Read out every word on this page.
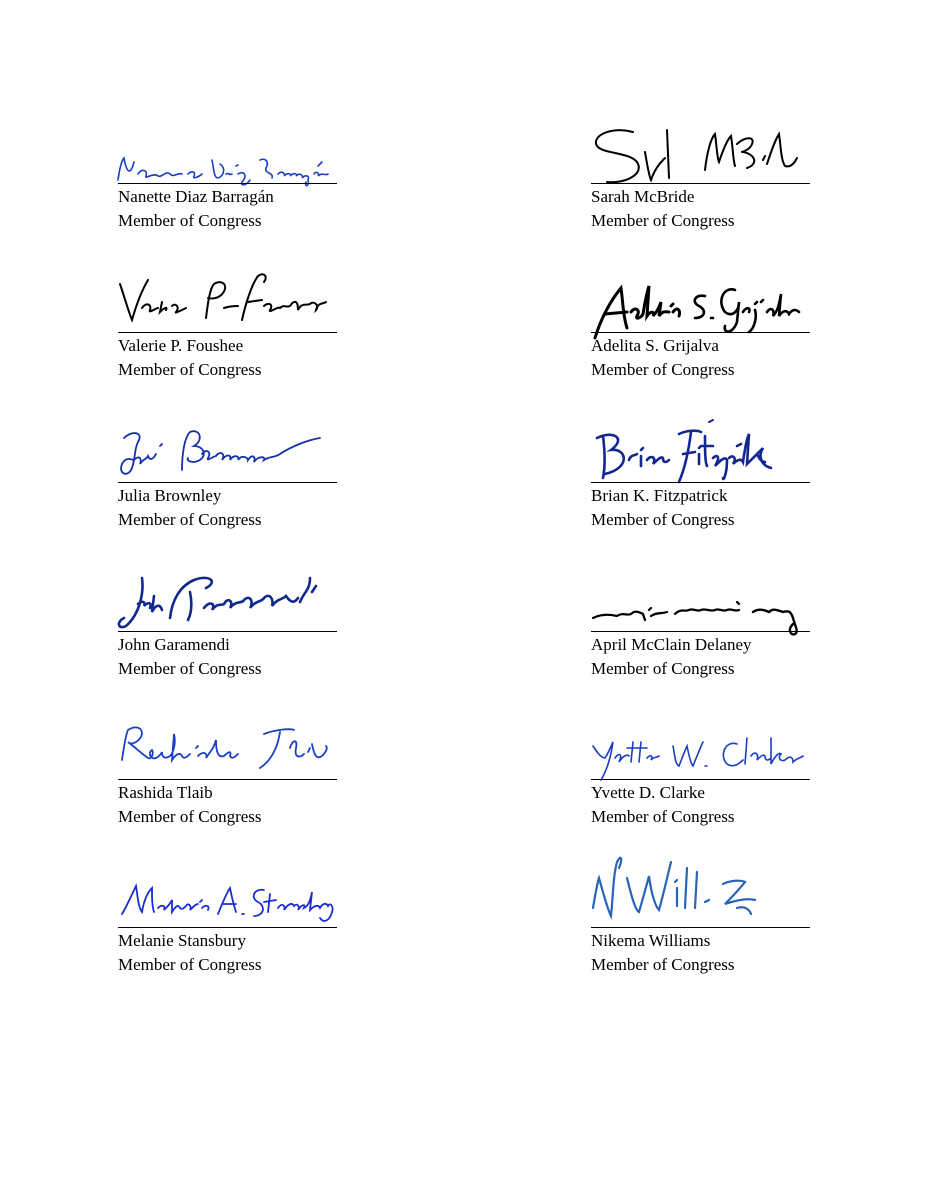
Nanette Diaz Barragán
Member of Congress
Valerie P. Foushee
Member of Congress
Julia Brownley
Member of Congress
John Garamendi
Member of Congress
Rashida Tlaib
Member of Congress
Melanie Stansbury
Member of Congress
Sarah McBride
Member of Congress
Adelita S. Grijalva
Member of Congress
Brian K. Fitzpatrick
Member of Congress
April McClain Delaney
Member of Congress
Yvette D. Clarke
Member of Congress
Nikema Williams
Member of Congress
